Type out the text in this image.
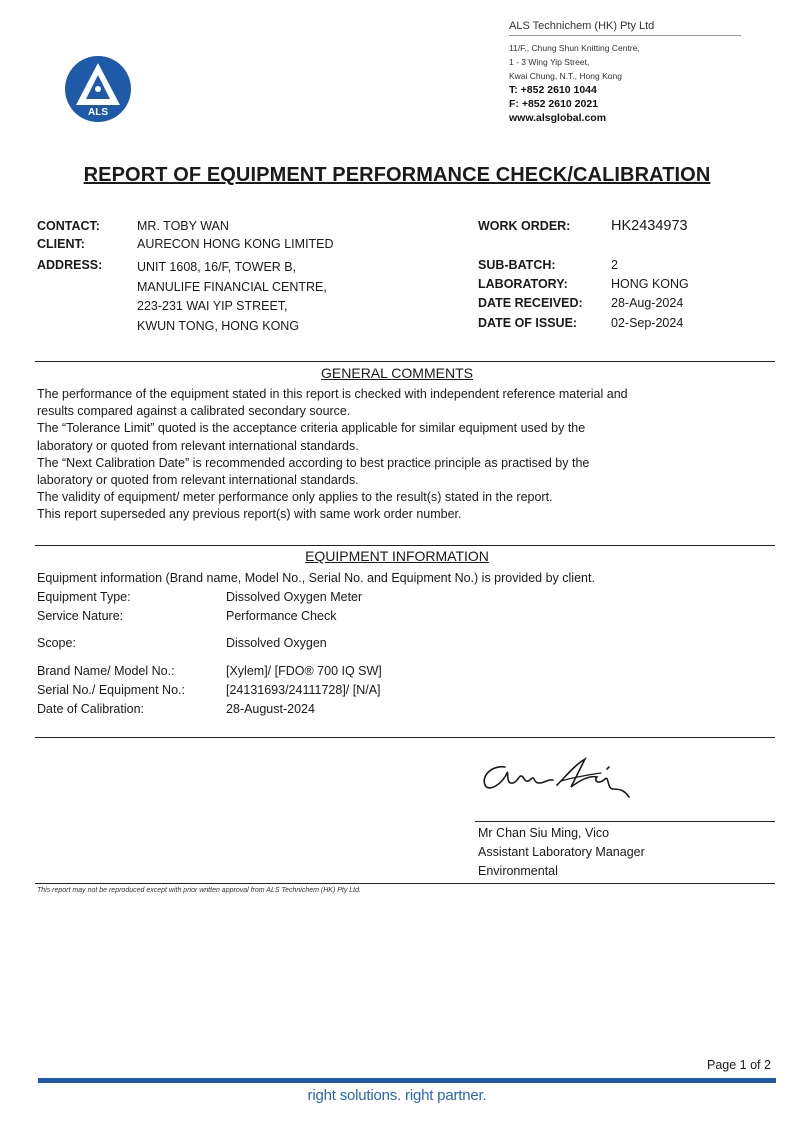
ALS
ALS Technichem (HK) Pty Ltd
11/F., Chung Shun Knitting Centre,
1 - 3 Wing Yip Street,
Kwai Chung, N.T., Hong Kong
T: +852 2610 1044
F: +852 2610 2021
www.alsglobal.com
REPORT OF EQUIPMENT PERFORMANCE CHECK/CALIBRATION
CONTACT:	MR. TOBY WAN
CLIENT:	AURECON HONG KONG LIMITED
ADDRESS:	UNIT 1608, 16/F, TOWER B,
MANULIFE FINANCIAL CENTRE,
223-231 WAI YIP STREET,
KWUN TONG, HONG KONG
WORK ORDER:	HK2434973
SUB-BATCH:	2
LABORATORY:	HONG KONG
DATE RECEIVED: 28-Aug-2024
DATE OF ISSUE:	02-Sep-2024
GENERAL COMMENTS
The performance of the equipment stated in this report is checked with independent reference material and
results compared against a calibrated secondary source.
The “Tolerance Limit” quoted is the acceptance criteria applicable for similar equipment used by the
laboratory or quoted from relevant international standards.
The “Next Calibration Date” is recommended according to best practice principle as practised by the
laboratory or quoted from relevant international standards.
The validity of equipment/ meter performance only applies to the result(s) stated in the report.
This report superseded any previous report(s) with same work order number.
EQUIPMENT INFORMATION
Equipment information (Brand name, Model No., Serial No. and Equipment No.) is provided by client.
Equipment Type:	Dissolved Oxygen Meter
Service Nature:	Performance Check
Scope:	Dissolved Oxygen
Brand Name/ Model No.:	[Xylem]/ [FDO® 700 IQ SW]
Serial No./ Equipment No.:	[24131693/24111728]/ [N/A]
Date of Calibration:	28-August-2024
Mr Chan Siu Ming, Vico
Assistant Laboratory Manager
Environmental
This report may not be reproduced except with prior written approval from ALS Technichem (HK) Pty Ltd.
Page 1 of 2
right solutions. right partner.
